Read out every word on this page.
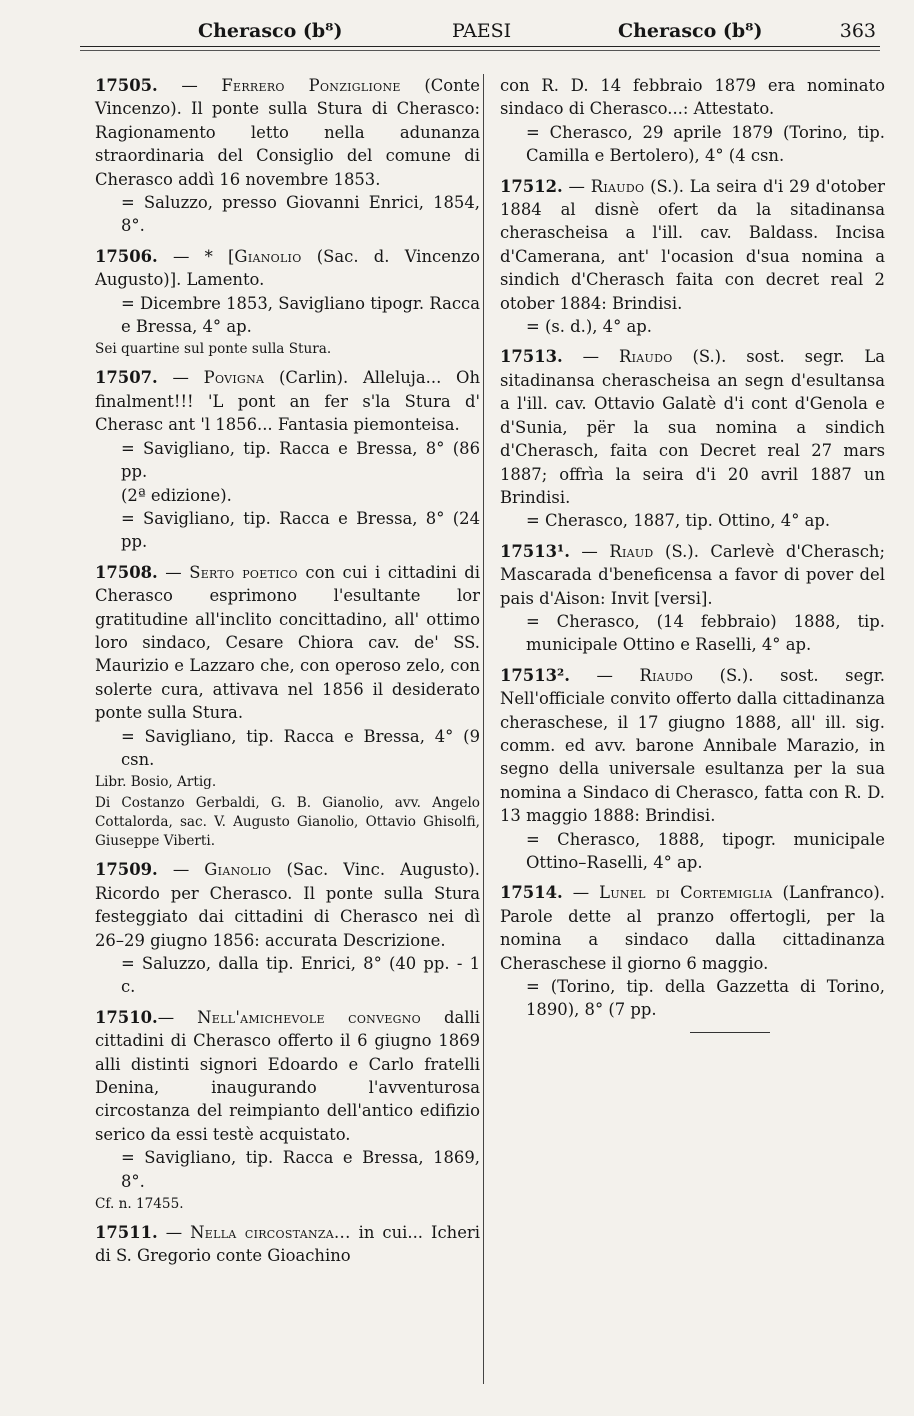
Cherasco (b⁸)	PAESI	Cherasco (b⁸)	363
17505. — Ferrero Ponziglione (Conte Vincenzo). Il ponte sulla Stura di Cherasco: Ragionamento letto nella adunanza straordinaria del Consiglio del comune di Cherasco addì 16 novembre 1853.
= Saluzzo, presso Giovanni Enrici, 1854, 8°.
17506. — * [Gianolio (Sac. d. Vincenzo Augusto)]. Lamento.
= Dicembre 1853, Savigliano tipogr. Racca e Bressa, 4° ap.
Sei quartine sul ponte sulla Stura.
17507. — Povigna (Carlin). Alleluja... Oh finalment!!! 'L pont an fer s'la Stura d' Cherasc ant 'l 1856... Fantasia piemonteisa.
= Savigliano, tip. Racca e Bressa, 8° (86 pp.
(2ª edizione).
= Savigliano, tip. Racca e Bressa, 8° (24 pp.
17508. — Serto poetico con cui i cittadini di Cherasco esprimono l'esultante lor gratitudine all'inclito concittadino, all' ottimo loro sindaco, Cesare Chiora cav. de' SS. Maurizio e Lazzaro che, con operoso zelo, con solerte cura, attivava nel 1856 il desiderato ponte sulla Stura.
= Savigliano, tip. Racca e Bressa, 4° (9 csn.
Libr. Bosio, Artig.
Di Costanzo Gerbaldi, G. B. Gianolio, avv. Angelo Cottalorda, sac. V. Augusto Gianolio, Ottavio Ghisolfi, Giuseppe Viberti.
17509. — Gianolio (Sac. Vinc. Augusto). Ricordo per Cherasco. Il ponte sulla Stura festeggiato dai cittadini di Cherasco nei dì 26–29 giugno 1856: accurata Descrizione.
= Saluzzo, dalla tip. Enrici, 8° (40 pp. - 1 c.
17510.— Nell'amichevole convegno dalli cittadini di Cherasco offerto il 6 giugno 1869 alli distinti signori Edoardo e Carlo fratelli Denina, inaugurando l'avventurosa circostanza del reimpianto dell'antico edifizio serico da essi testè acquistato.
= Savigliano, tip. Racca e Bressa, 1869, 8°.
Cf. n. 17455.
17511. — Nella circostanza... in cui... Icheri di S. Gregorio conte Gioachino
con R. D. 14 febbraio 1879 era nominato sindaco di Cherasco...: Attestato.
= Cherasco, 29 aprile 1879 (Torino, tip. Camilla e Bertolero), 4° (4 csn.
17512. — Riaudo (S.). La seira d'i 29 d'otober 1884 al disnè ofert da la sitadinansa cherascheisa a l'ill. cav. Baldass. Incisa d'Camerana, ant' l'ocasion d'sua nomina a sindich d'Cherasch faita con decret real 2 otober 1884: Brindisi.
= (s. d.), 4° ap.
17513. — Riaudo (S.). sost. segr. La sitadinansa cherascheisa an segn d'esultansa a l'ill. cav. Ottavio Galatè d'i cont d'Genola e d'Sunia, për la sua nomina a sindich d'Cherasch, faita con Decret real 27 mars 1887; offrìa la seira d'i 20 avril 1887 un Brindisi.
= Cherasco, 1887, tip. Ottino, 4° ap.
17513¹. — Riaud (S.). Carlevè d'Cherasch; Mascarada d'beneficensa a favor di pover del pais d'Aison: Invit [versi].
= Cherasco, (14 febbraio) 1888, tip. municipale Ottino e Raselli, 4° ap.
17513². — Riaudo (S.). sost. segr. Nell'officiale convito offerto dalla cittadinanza cheraschese, il 17 giugno 1888, all' ill. sig. comm. ed avv. barone Annibale Marazio, in segno della universale esultanza per la sua nomina a Sindaco di Cherasco, fatta con R. D. 13 maggio 1888: Brindisi.
= Cherasco, 1888, tipogr. municipale Ottino–Raselli, 4° ap.
17514. — Lunel di Cortemiglia (Lanfranco). Parole dette al pranzo offertogli, per la nomina a sindaco dalla cittadinanza Cheraschese il giorno 6 maggio.
= (Torino, tip. della Gazzetta di Torino, 1890), 8° (7 pp.
